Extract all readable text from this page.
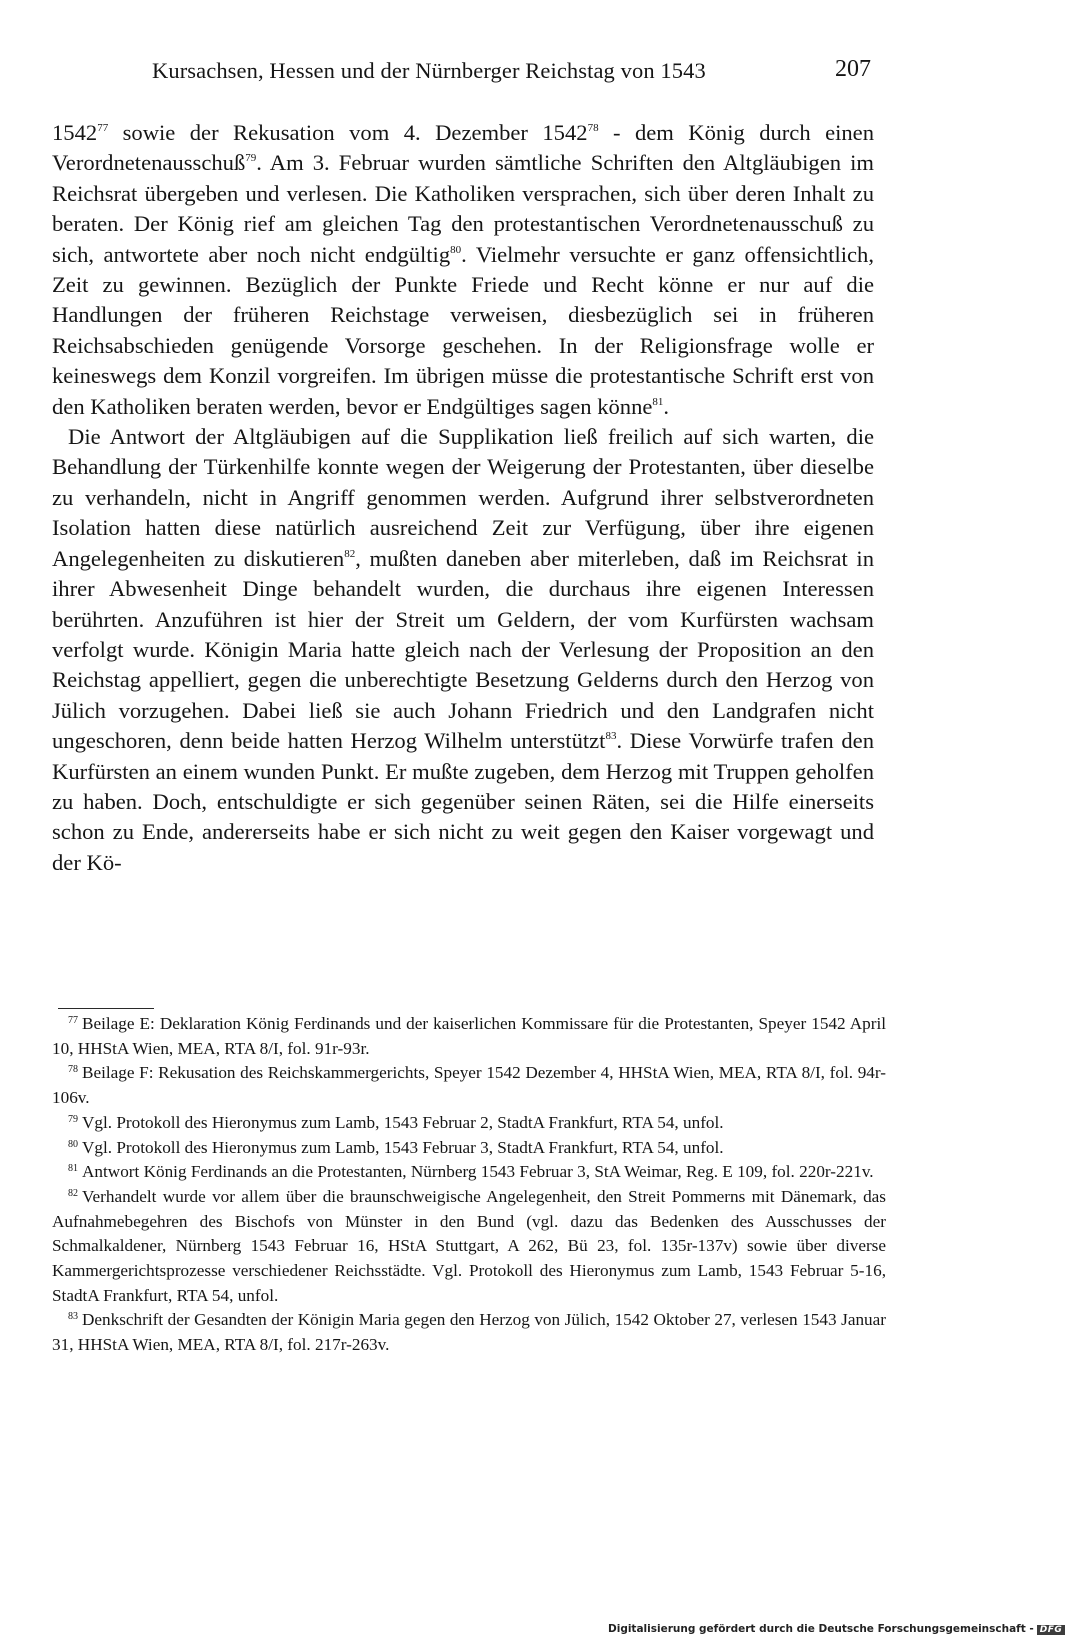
Kursachsen, Hessen und der Nürnberger Reichstag von 1543	207

1542$^{77}$ sowie der Rekusation vom 4. Dezember 1542$^{78}$ - dem König durch einen Verordnetenausschuß$^{79}$. Am 3. Februar wurden sämtliche Schriften den Altgläubigen im Reichsrat übergeben und verlesen. Die Katholiken versprachen, sich über deren Inhalt zu beraten. Der König rief am gleichen Tag den protestantischen Verordnetenausschuß zu sich, antwortete aber noch nicht endgültig$^{80}$. Vielmehr versuchte er ganz offensichtlich, Zeit zu gewinnen. Bezüglich der Punkte Friede und Recht könne er nur auf die Handlungen der früheren Reichstage verweisen, diesbezüglich sei in früheren Reichsabschieden genügende Vorsorge geschehen. In der Religionsfrage wolle er keineswegs dem Konzil vorgreifen. Im übrigen müsse die protestantische Schrift erst von den Katholiken beraten werden, bevor er Endgültiges sagen könne$^{81}$.

Die Antwort der Altgläubigen auf die Supplikation ließ freilich auf sich warten, die Behandlung der Türkenhilfe konnte wegen der Weigerung der Protestanten, über dieselbe zu verhandeln, nicht in Angriff genommen werden. Aufgrund ihrer selbstverordneten Isolation hatten diese natürlich ausreichend Zeit zur Verfügung, über ihre eigenen Angelegenheiten zu diskutieren$^{82}$, mußten daneben aber miterleben, daß im Reichsrat in ihrer Abwesenheit Dinge behandelt wurden, die durchaus ihre eigenen Interessen berührten. Anzuführen ist hier der Streit um Geldern, der vom Kurfürsten wachsam verfolgt wurde. Königin Maria hatte gleich nach der Verlesung der Proposition an den Reichstag appelliert, gegen die unberechtigte Besetzung Gelderns durch den Herzog von Jülich vorzugehen. Dabei ließ sie auch Johann Friedrich und den Landgrafen nicht ungeschoren, denn beide hatten Herzog Wilhelm unterstützt$^{83}$. Diese Vorwürfe trafen den Kurfürsten an einem wunden Punkt. Er mußte zugeben, dem Herzog mit Truppen geholfen zu haben. Doch, entschuldigte er sich gegenüber seinen Räten, sei die Hilfe einerseits schon zu Ende, andererseits habe er sich nicht zu weit gegen den Kaiser vorgewagt und der Kö-

$^{77}$ Beilage E: Deklaration König Ferdinands und der kaiserlichen Kommissare für die Protestanten, Speyer 1542 April 10, HHStA Wien, MEA, RTA 8/I, fol. 91r-93r.

$^{78}$ Beilage F: Rekusation des Reichskammergerichts, Speyer 1542 Dezember 4, HHStA Wien, MEA, RTA 8/I, fol. 94r-106v.

$^{79}$ Vgl. Protokoll des Hieronymus zum Lamb, 1543 Februar 2, StadtA Frankfurt, RTA 54, unfol.

$^{80}$ Vgl. Protokoll des Hieronymus zum Lamb, 1543 Februar 3, StadtA Frankfurt, RTA 54, unfol.

$^{81}$ Antwort König Ferdinands an die Protestanten, Nürnberg 1543 Februar 3, StA Weimar, Reg. E 109, fol. 220r-221v.

$^{82}$ Verhandelt wurde vor allem über die braunschweigische Angelegenheit, den Streit Pommerns mit Dänemark, das Aufnahmebegehren des Bischofs von Münster in den Bund (vgl. dazu das Bedenken des Ausschusses der Schmalkaldener, Nürnberg 1543 Februar 16, HStA Stuttgart, A 262, Bü 23, fol. 135r-137v) sowie über diverse Kammergerichtsprozesse verschiedener Reichsstädte. Vgl. Protokoll des Hieronymus zum Lamb, 1543 Februar 5-16, StadtA Frankfurt, RTA 54, unfol.

$^{83}$ Denkschrift der Gesandten der Königin Maria gegen den Herzog von Jülich, 1542 Oktober 27, verlesen 1543 Januar 31, HHStA Wien, MEA, RTA 8/I, fol. 217r-263v.

Digitalisierung gefördert durch die Deutsche Forschungsgemeinschaft - DFG
